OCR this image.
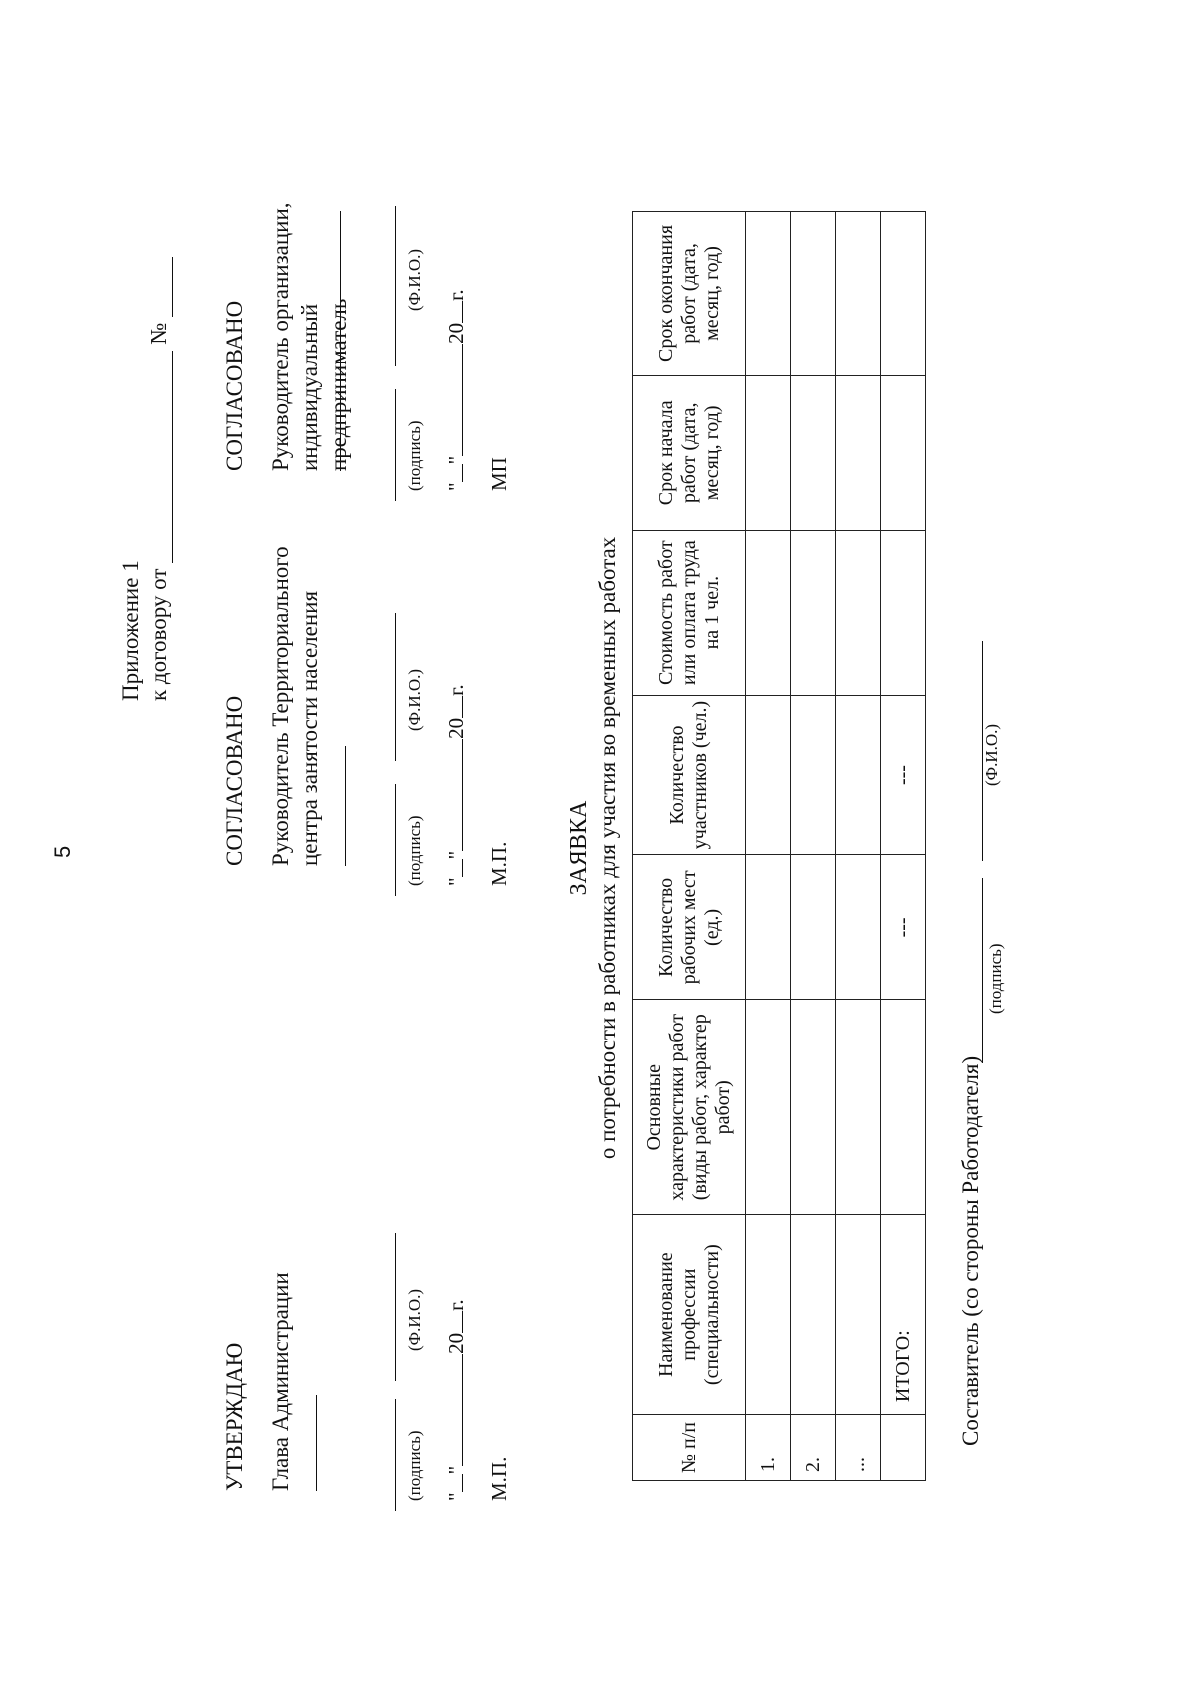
5
Приложение 1 к договору от
№
УТВЕРЖДАЮ Глава Администрации	(подпись)
(Ф.И.О.)
""20г.
М.П.
СОГЛАСОВАНО Руководитель Территориального центра занятости населения	(подпись)
(Ф.И.О.)
""20г.
М.П.
СОГЛАСОВАНО Руководитель организации, индивидуальный предприниматель	(подпись)
(Ф.И.О.)
""20г.
МП
ЗАЯВКА о потребности в работниках для участия во временных работах
№ п/п	Наименование профессии (специальности)	Основные характеристики работ (виды работ, характер работ)	Количество рабочих мест (ед.)	Количество участников (чел.)	Стоимость работ или оплата труда на 1 чел.	Срок начала работ (дата, месяц, год)	Срок окончания работ (дата, месяц, год)
1.							
2.							
...							
	ИТОГО:		---	---			
Составитель (со стороны Работодателя)
(подпись)
(Ф.И.О.)
